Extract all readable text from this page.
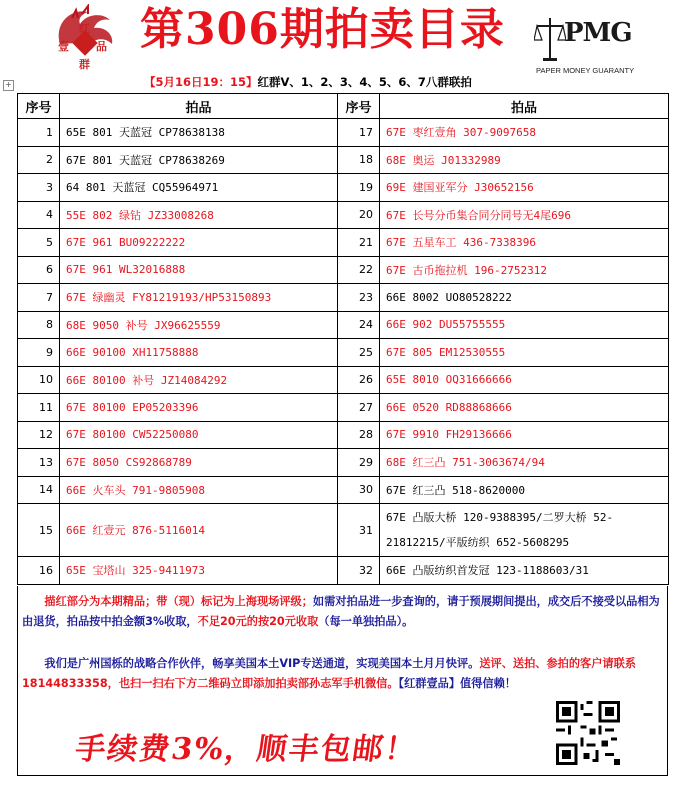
红
壹 品
群
第306期拍卖目录	PMG
PAPER MONEY GUARANTY
【5月16日19：15】红群V、1、2、3、4、5、6、7八群联拍
+
序号	拍品	序号	拍品
1	65E 801 天蓝冠 CP78638138	17	67E 枣红壹角 307-9097658
2	67E 801 天蓝冠 CP78638269	18	68E 奥运 J01332989
3	64 801 天蓝冠 CQ55964971	19	69E 建国亚军分 J30652156
4	55E 802 绿钻 JZ33008268	20	67E 长号分币集合同分同号无4尾696
5	67E 961 BU09222222	21	67E 五星车工 436-7338396
6	67E 961 WL32016888	22	67E 古币拖拉机 196-2752312
7	67E 绿幽灵 FY81219193/HP53150893	23	66E 8002 UO80528222
8	68E 9050 补号 JX96625559	24	66E 902 DU55755555
9	66E 90100 XH11758888	25	67E 805 EM12530555
10	66E 80100 补号 JZ14084292	26	65E 8010 OQ31666666
11	67E 80100 EP05203396	27	66E 0520 RD88868666
12	67E 80100 CW52250080	28	67E 9910 FH29136666
13	67E 8050 CS92868789	29	68E 红三凸 751-3063674/94
14	66E 火车头 791-9805908	30	67E 红三凸 518-8620000
15	66E 红壹元 876-5116014	31	67E 凸版大桥 120-9388395/二罗大桥 52-21812215/平版纺织 652-5608295
16	65E 宝塔山 325-9411973	32	66E 凸版纺织首发冠 123-1188603/31
  描红部分为本期精品；带（现）标记为上海现场评级；如需对拍品进一步查询的，请于预展期间提出，成交后不接受以品相为由退货，拍品按中拍金额3%收取，不足20元的按20元收取（每一单独拍品）。
  我们是广州国栎的战略合作伙伴，畅享美国本土VIP专送通道，实现美国本土月月快评。送评、送拍、参拍的客户请联系18144833358，也扫一扫右下方二维码立即添加拍卖部孙志军手机微信。【红群壹品】值得信赖！
手续费3%，顺丰包邮！
